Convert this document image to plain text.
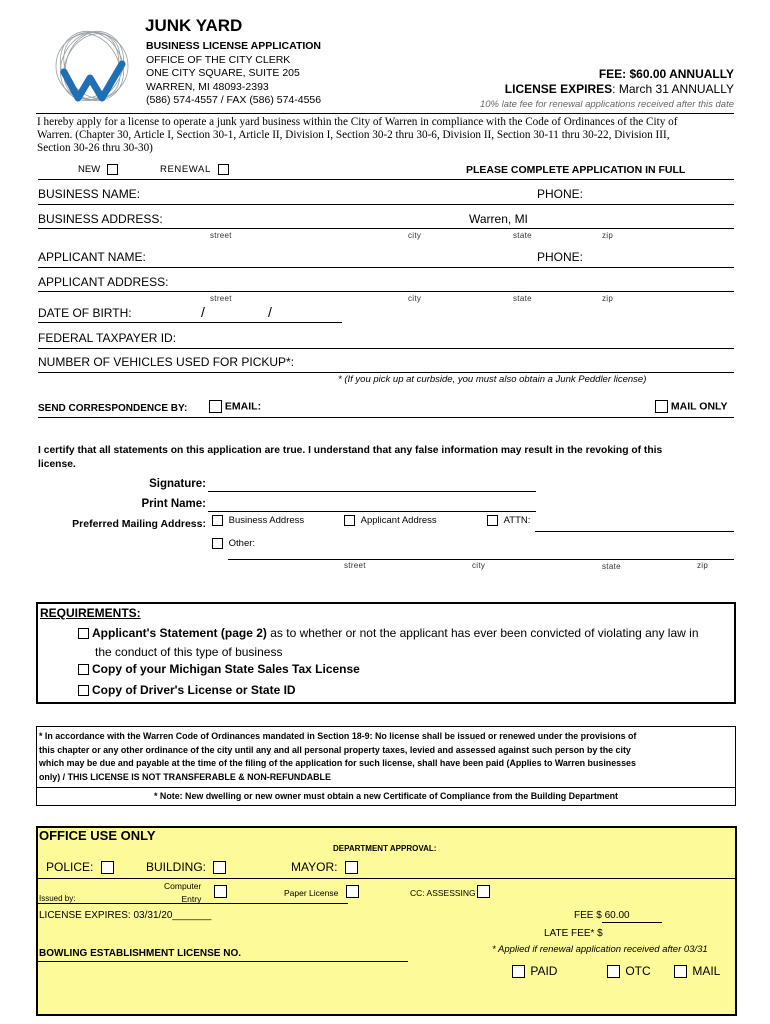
JUNK YARD
BUSINESS LICENSE APPLICATION
OFFICE OF THE CITY CLERK
ONE CITY SQUARE, SUITE 205
WARREN, MI 48093-2393
(586) 574-4557 / FAX (586) 574-4556
FEE: $60.00 ANNUALLY
LICENSE EXPIRES: March 31 ANNUALLY
10% late fee for renewal applications received after this date
I hereby apply for a license to operate a junk yard business within the City of Warren in compliance with the Code of Ordinances of the City of
Warren. (Chapter 30, Article I, Section 30-1, Article II, Division I, Section 30-2 thru 30-6, Division II, Section 30-11 thru 30-22, Division III,
Section 30-26 thru 30-30)
NEW	RENEWAL	PLEASE COMPLETE APPLICATION IN FULL
BUSINESS NAME:	PHONE:
BUSINESS ADDRESS:	Warren, MI
street	city	state	zip
APPLICANT NAME:	PHONE:
APPLICANT ADDRESS:
street	city	state	zip
DATE OF BIRTH:	/	/
FEDERAL TAXPAYER ID:
NUMBER OF VEHICLES USED FOR PICKUP*:
* (If you pick up at curbside, you must also obtain a Junk Peddler license)
SEND CORRESPONDENCE BY:	EMAIL:	MAIL ONLY
I certify that all statements on this application are true. I understand that any false information may result in the revoking of this
license.
Signature:
Print Name:
Preferred Mailing Address:	Business Address	Applicant Address	ATTN:
Other:
street	city	state	zip
REQUIREMENTS:
Applicant's Statement (page 2) as to whether or not the applicant has ever been convicted of violating any law in
the conduct of this type of business
Copy of your Michigan State Sales Tax License
Copy of Driver's License or State ID
* In accordance with the Warren Code of Ordinances mandated in Section 18-9: No license shall be issued or renewed under the provisions of
this chapter or any other ordinance of the city until any and all personal property taxes, levied and assessed against such person by the city
which may be due and payable at the time of the filing of the application for such license, shall have been paid (Applies to Warren businesses
only) / THIS LICENSE IS NOT TRANSFERABLE & NON-REFUNDABLE
* Note: New dwelling or new owner must obtain a new Certificate of Compliance from the Building Department
OFFICE USE ONLY
DEPARTMENT APPROVAL:
POLICE:	BUILDING:	MAYOR:
Issued by:
Computer
Entry
Paper License	CC: ASSESSING
LICENSE EXPIRES: 03/31/20_______	FEE $ 60.00
LATE FEE* $
* Applied if renewal application received after 03/31
BOWLING ESTABLISHMENT LICENSE NO.
PAID	OTC	MAIL
